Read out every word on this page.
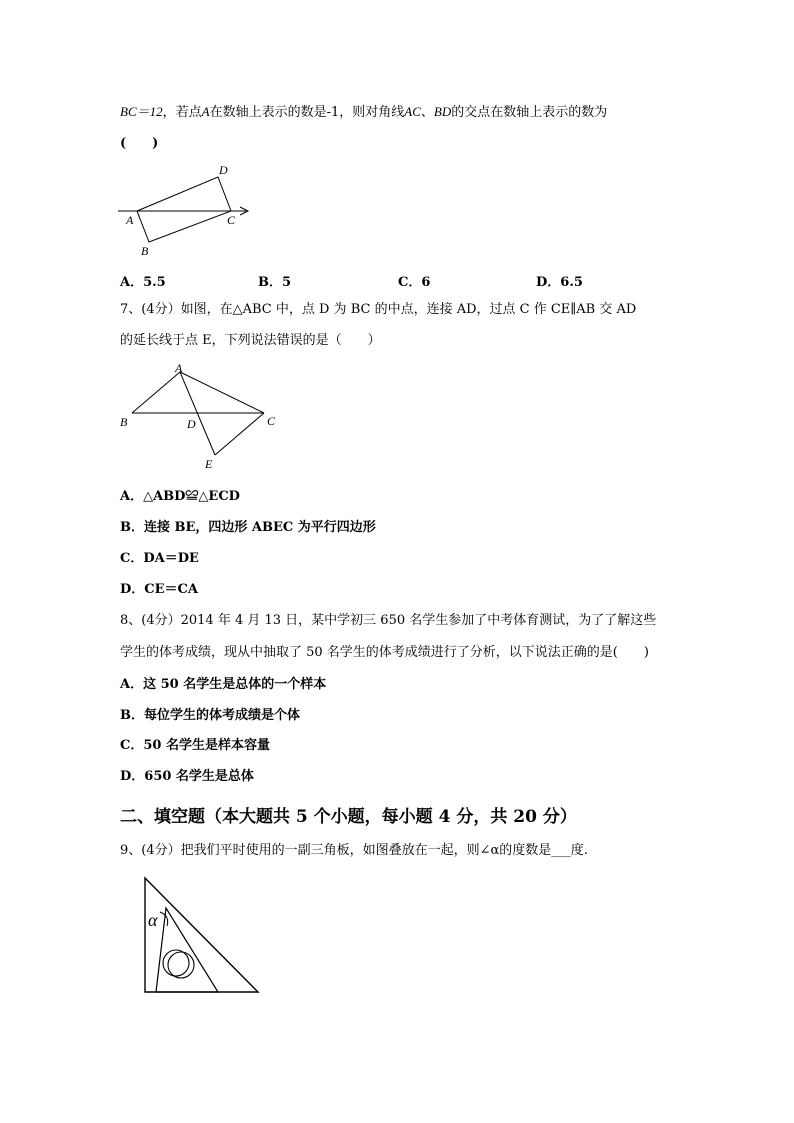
BC＝12，若点A在数轴上表示的数是-1，则对角线AC、BD的交点在数轴上表示的数为
(　　)
D
A	C
B
A．5.5	B．5	C．6	D．6.5
7、(4分）如图，在△ABC 中，点 D 为 BC 的中点，连接 AD，过点 C 作 CE∥AB 交 AD
的延长线于点 E，下列说法错误的是（　　）
A
B	D	C
E
A．△ABD≌△ECD
B．连接 BE，四边形 ABEC 为平行四边形
C．DA＝DE
D．CE＝CA
8、(4分）2014 年 4 月 13 日，某中学初三 650 名学生参加了中考体育测试，为了了解这些
学生的体考成绩，现从中抽取了 50 名学生的体考成绩进行了分析，以下说法正确的是(　　)
A．这 50 名学生是总体的一个样本
B．每位学生的体考成绩是个体
C．50 名学生是样本容量
D．650 名学生是总体
二、填空题（本大题共 5 个小题，每小题 4 分，共 20 分）
9、(4分）把我们平时使用的一副三角板，如图叠放在一起，则∠α的度数是___度.
α
